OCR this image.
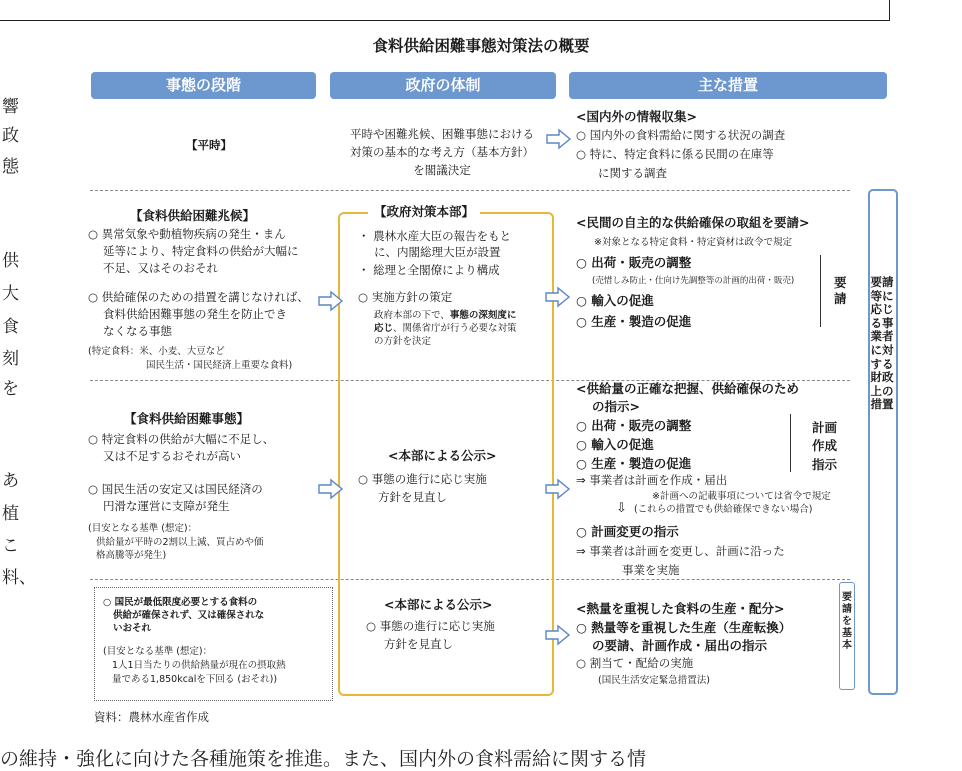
食料供給困難事態対策法の概要
事態の段階	政府の体制	主な措置
響
政
態
供
大
食
刻
を
あ
植
こ
料、
【平時】
平時や困難兆候、困難事態における
対策の基本的な考え方（基本方針）
を閣議決定
<国内外の情報収集>
○ 国内外の食料需給に関する状況の調査
○ 特に、特定食料に係る民間の在庫等
に関する調査
【食料供給困難兆候】
○ 異常気象や動植物疾病の発生・まん
延等により、特定食料の供給が大幅に
不足、又はそのおそれ
○ 供給確保のための措置を講じなければ、
食料供給困難事態の発生を防止でき
なくなる事態
(特定食料：米、小麦、大豆など
国民生活・国民経済上重要な食料)
【政府対策本部】
・ 農林水産大臣の報告をもと
に、内閣総理大臣が設置
・ 総理と全閣僚により構成
○ 実施方針の策定
政府本部の下で、事態の深刻度に
応じ、関係省庁が行う必要な対策
の方針を決定
<民間の自主的な供給確保の取組を要請>
※対象となる特定食料・特定資材は政令で規定
○ 出荷・販売の調整
(売惜しみ防止・仕向け先調整等の計画的出荷・販売)
○ 輸入の促進
○ 生産・製造の促進
要請
【食料供給困難事態】
○ 特定食料の供給が大幅に不足し、
又は不足するおそれが高い
○ 国民生活の安定又は国民経済の
円滑な運営に支障が発生
(目安となる基準 (想定)：
供給量が平時の2割以上減、買占めや価
格高騰等が発生)
<本部による公示>
○ 事態の進行に応じ実施
方針を見直し
<供給量の正確な把握、供給確保のため
の指示>
○ 出荷・販売の調整
○ 輸入の促進
○ 生産・製造の促進
計画
作成
指示
⇒ 事業者は計画を作成・届出
※計画への記載事項については省令で規定
⇩ (これらの措置でも供給確保できない場合)
○ 計画変更の指示
⇒ 事業者は計画を変更し、計画に沿った
事業を実施
○ 国民が最低限度必要とする食料の
供給が確保されず、又は確保されな
いおそれ
(目安となる基準 (想定)：
1人1日当たりの供給熱量が現在の摂取熱
量である1,850kcalを下回る (おそれ))
<本部による公示>
○ 事態の進行に応じ実施
方針を見直し
<熱量を重視した食料の生産・配分>
○ 熱量等を重視した生産（生産転換）
の要請、計画作成・届出の指示
○ 割当て・配給の実施
(国民生活安定緊急措置法)
要請を基本
要請等に応じる事業者に対する財政上の措置
資料：農林水産省作成
の維持・強化に向けた各種施策を推進。また、国内外の食料需給に関する情
